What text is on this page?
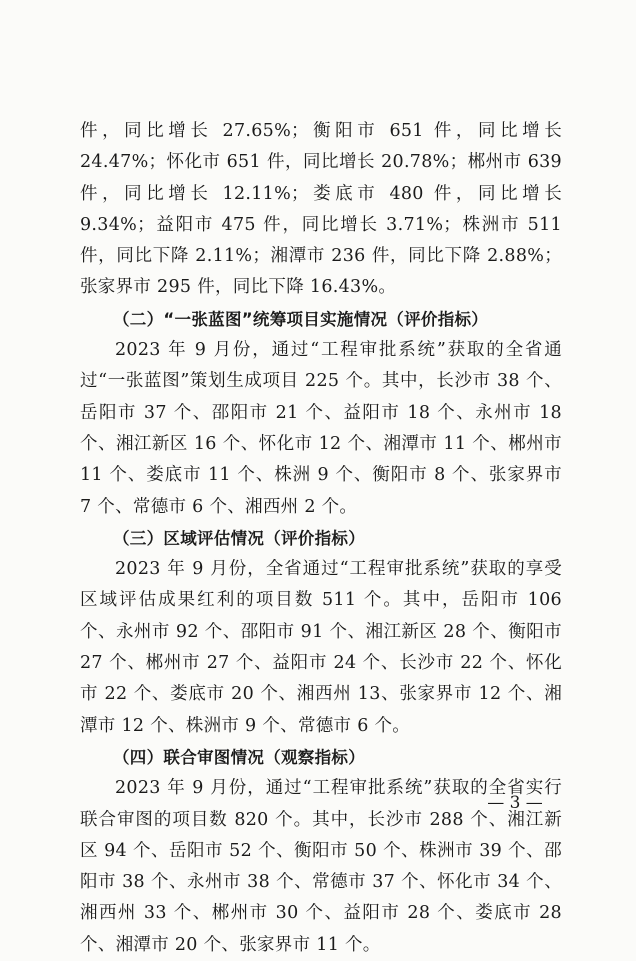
件，同比增长 27.65%；衡阳市 651 件，同比增长 24.47%；怀化市 651 件，同比增长 20.78%；郴州市 639 件，同比增长 12.11%；娄底市 480 件，同比增长 9.34%；益阳市 475 件，同比增长 3.71%；株洲市 511 件，同比下降 2.11%；湘潭市 236 件，同比下降 2.88%；张家界市 295 件，同比下降 16.43%。

（二）“一张蓝图”统筹项目实施情况（评价指标）

2023 年 9 月份，通过“工程审批系统”获取的全省通过“一张蓝图”策划生成项目 225 个。其中，长沙市 38 个、岳阳市 37 个、邵阳市 21 个、益阳市 18 个、永州市 18 个、湘江新区 16 个、怀化市 12 个、湘潭市 11 个、郴州市 11 个、娄底市 11 个、株洲 9 个、衡阳市 8 个、张家界市 7 个、常德市 6 个、湘西州 2 个。

（三）区域评估情况（评价指标）

2023 年 9 月份，全省通过“工程审批系统”获取的享受区域评估成果红利的项目数 511 个。其中，岳阳市 106 个、永州市 92 个、邵阳市 91 个、湘江新区 28 个、衡阳市 27 个、郴州市 27 个、益阳市 24 个、长沙市 22 个、怀化市 22 个、娄底市 20 个、湘西州 13、张家界市 12 个、湘潭市 12 个、株洲市 9 个、常德市 6 个。

（四）联合审图情况（观察指标）

2023 年 9 月份，通过“工程审批系统”获取的全省实行联合审图的项目数 820 个。其中，长沙市 288 个、湘江新区 94 个、岳阳市 52 个、衡阳市 50 个、株洲市 39 个、邵阳市 38 个、永州市 38 个、常德市 37 个、怀化市 34 个、湘西州 33 个、郴州市 30 个、益阳市 28 个、娄底市 28 个、湘潭市 20 个、张家界市 11 个。

— 3 —
